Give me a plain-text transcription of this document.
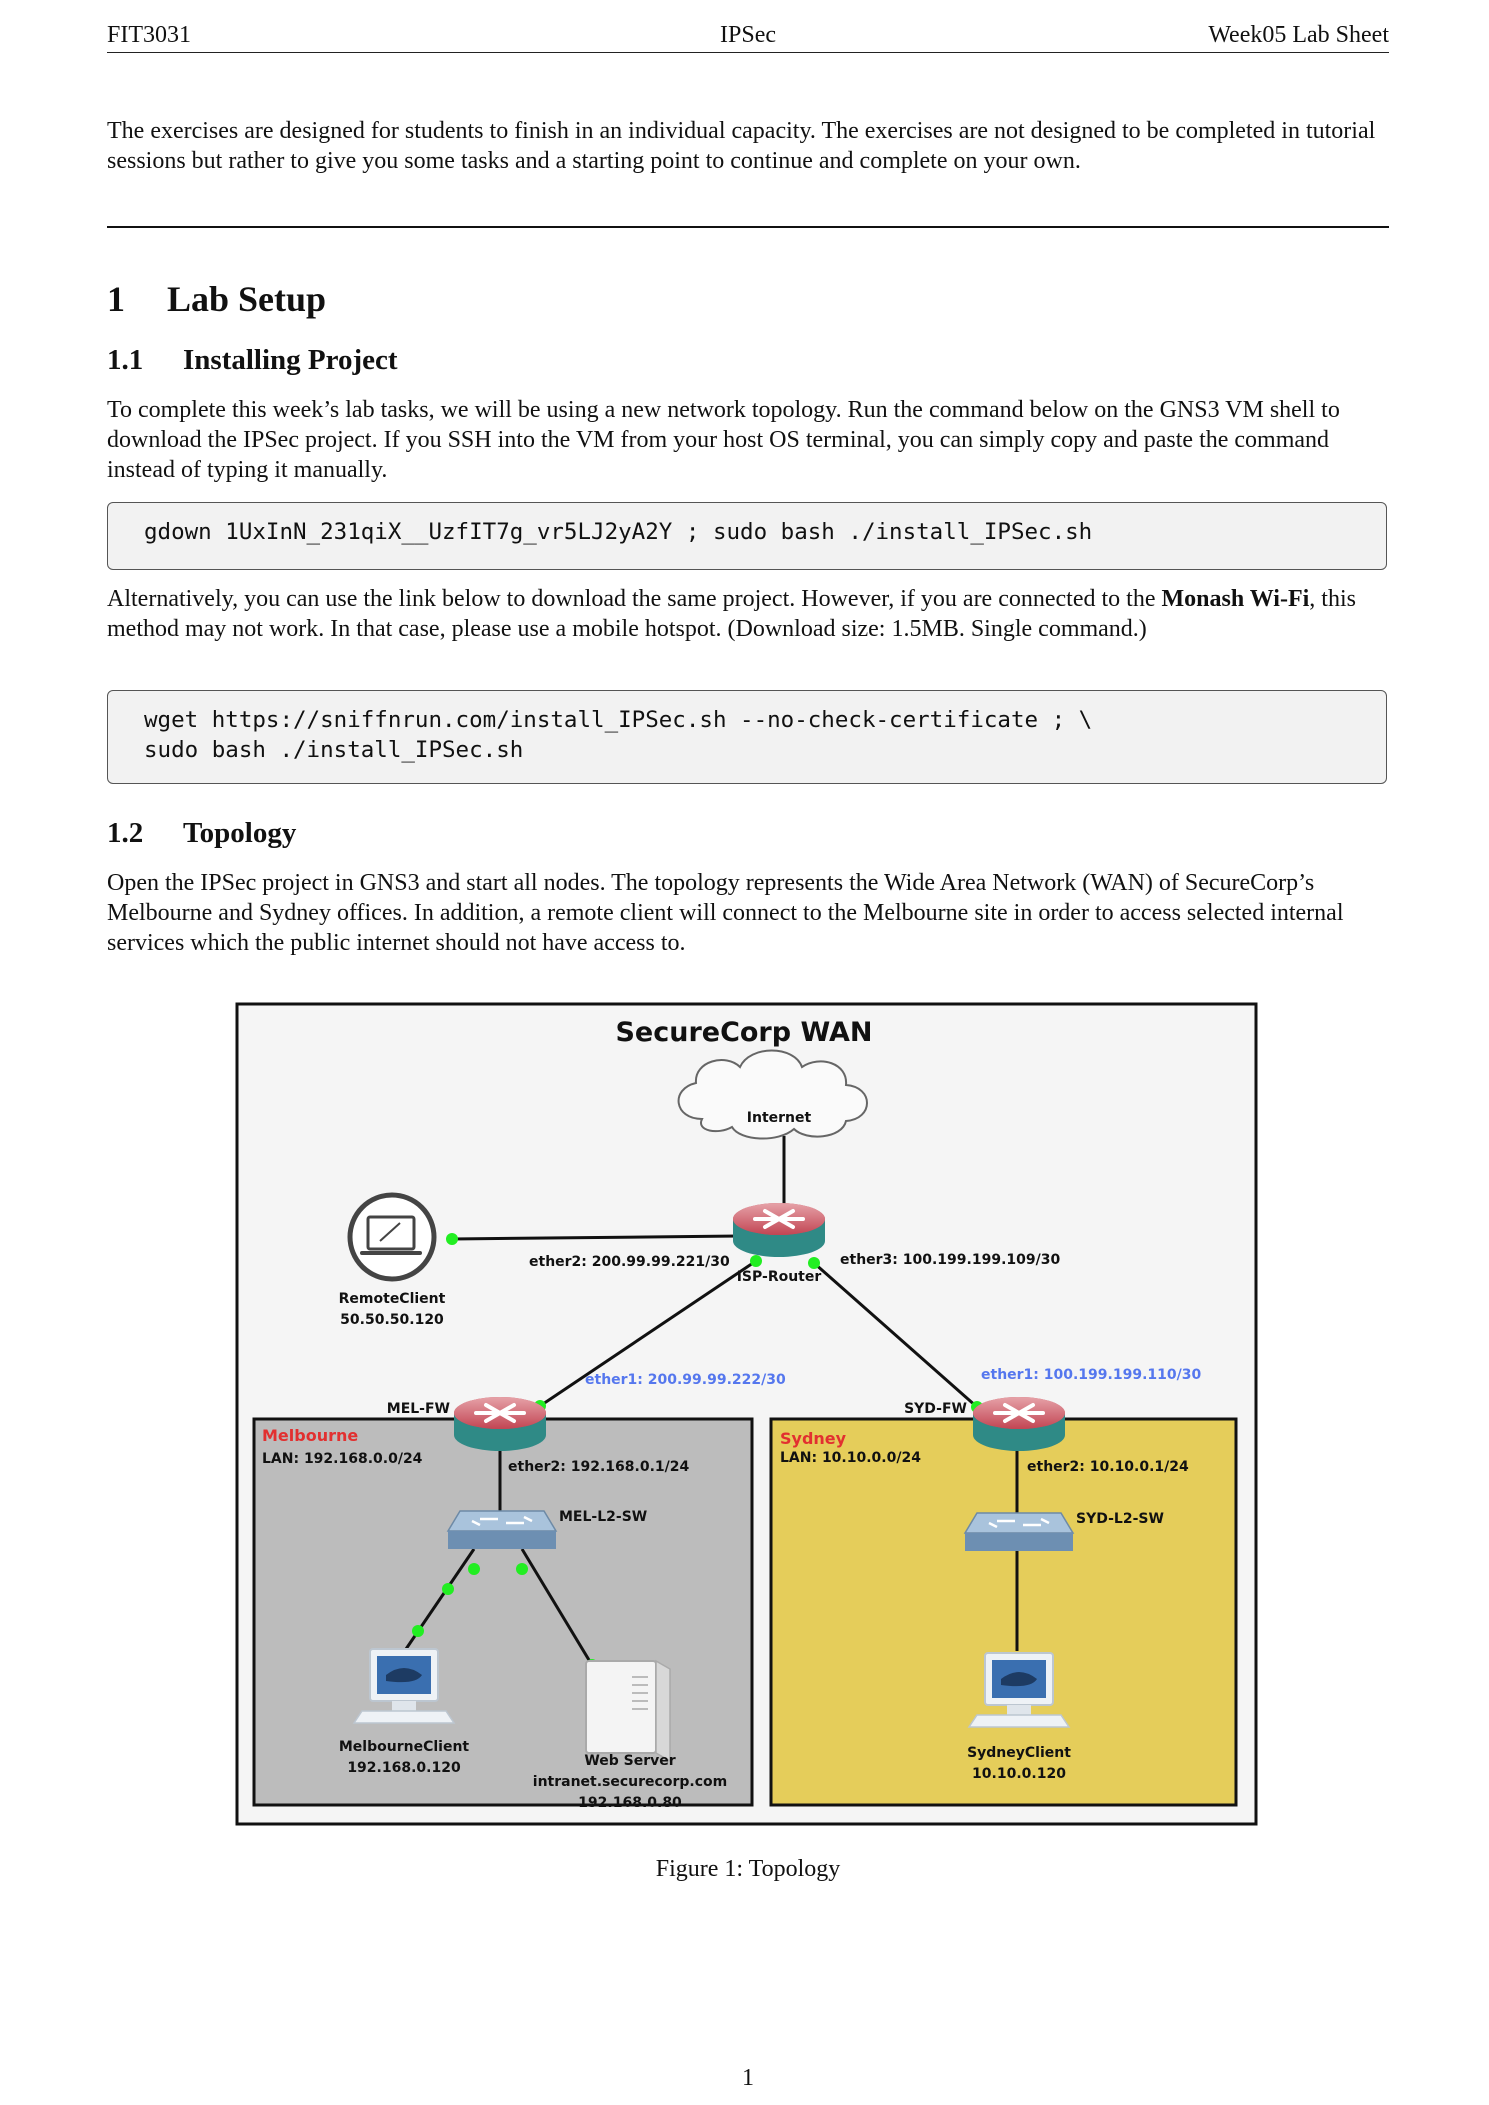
FIT3031	IPSec	Week05 Lab Sheet

The exercises are designed for students to finish in an individual capacity. The exercises are not designed to be completed in tutorial sessions but rather to give you some tasks and a starting point to continue and complete on your own.

1 Lab Setup
1.1 Installing Project

To complete this week’s lab tasks, we will be using a new network topology. Run the command below on the GNS3 VM shell to download the IPSec project. If you SSH into the VM from your host OS terminal, you can simply copy and paste the command instead of typing it manually.

gdown 1UxInN_231qiX__UzfIT7g_vr5LJ2yA2Y ; sudo bash ./install_IPSec.sh

Alternatively, you can use the link below to download the same project. However, if you are connected to the Monash Wi-Fi, this method may not work. In that case, please use a mobile hotspot. (Download size: 1.5MB. Single command.)

wget https://sniffnrun.com/install_IPSec.sh --no-check-certificate ; \
sudo bash ./install_IPSec.sh
1.2 Topology

Open the IPSec project in GNS3 and start all nodes. The topology represents the Wide Area Network (WAN) of SecureCorp’s Melbourne and Sydney offices. In addition, a remote client will connect to the Melbourne site in order to access selected internal services which the public internet should not have access to.

SecureCorp WAN
Internet
ISP-Router
ether2: 200.99.99.221/30	ether3: 100.199.199.109/30
RemoteClient
50.50.50.120
MEL-FW
ether1: 200.99.99.222/30
SYD-FW
ether1: 100.199.199.110/30
Melbourne
LAN: 192.168.0.0/24	ether2: 192.168.0.1/24
MEL-L2-SW
MelbourneClient
192.168.0.120	Web Server
intranet.securecorp.com
192.168.0.80
Sydney
LAN: 10.10.0.0/24
ether2: 10.10.0.1/24
SYD-L2-SW
SydneyClient
10.10.0.120
Figure 1: Topology
1
